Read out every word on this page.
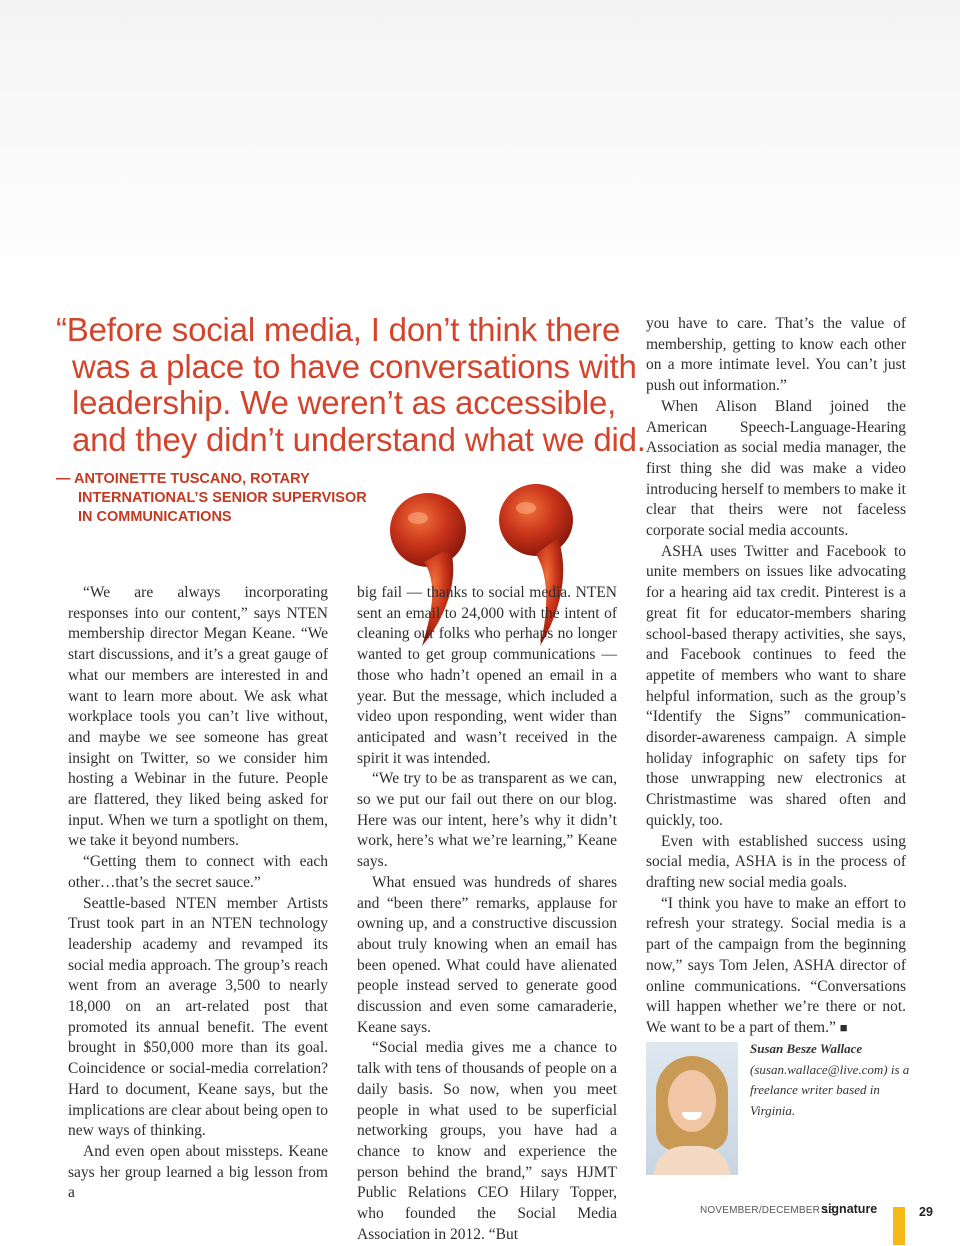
“Before social media, I don’t think there
was a place to have conversations with
leadership. We weren’t as accessible,
and they didn’t understand what we did.
— ANTOINETTE TUSCANO, ROTARY
INTERNATIONAL’S SENIOR SUPERVISOR
IN COMMUNICATIONS

“We are always incorporating responses into our content,” says NTEN membership director Megan Keane. “We start discussions, and it’s a great gauge of what our members are interested in and want to learn more about. We ask what workplace tools you can’t live without, and maybe we see someone has great insight on Twitter, so we consider him hosting a Webinar in the future. People are flattered, they liked being asked for input. When we turn a spotlight on them, we take it beyond numbers.

“Getting them to connect with each other…that’s the secret sauce.”

Seattle-based NTEN member Artists Trust took part in an NTEN technology leadership academy and revamped its social media approach. The group’s reach went from an average 3,500 to nearly 18,000 on an art-related post that promoted its annual benefit. The event brought in $50,000 more than its goal. Coincidence or social-media correlation? Hard to document, Keane says, but the implications are clear about being open to new ways of thinking.

And even open about missteps. Keane says her group learned a big lesson from a

big fail — thanks to social media. NTEN sent an email to 24,000 with the intent of cleaning our folks who perhaps no longer wanted to get group communications — those who hadn’t opened an email in a year. But the message, which included a video upon responding, went wider than anticipated and wasn’t received in the spirit it was intended.

“We try to be as transparent as we can, so we put our fail out there on our blog. Here was our intent, here’s why it didn’t work, here’s what we’re learning,” Keane says.

What ensued was hundreds of shares and “been there” remarks, applause for owning up, and a constructive discussion about truly knowing when an email has been opened. What could have alienated people instead served to generate good discussion and even some camaraderie, Keane says.

“Social media gives me a chance to talk with tens of thousands of people on a daily basis. So now, when you meet people in what used to be superficial networking groups, you have had a chance to know and experience the person behind the brand,” says HJMT Public Relations CEO Hilary Topper, who founded the Social Media Association in 2012. “But

you have to care. That’s the value of membership, getting to know each other on a more intimate level. You can’t just push out information.”

When Alison Bland joined the American Speech-Language-Hearing Association as social media manager, the first thing she did was make a video introducing herself to members to make it clear that theirs were not faceless corporate social media accounts.

ASHA uses Twitter and Facebook to unite members on issues like advocating for a hearing aid tax credit. Pinterest is a great fit for educator-members sharing school-based therapy activities, she says, and Facebook continues to feed the appetite of members who want to share helpful information, such as the group’s “Identify the Signs” communication-disorder-awareness campaign. A simple holiday infographic on safety tips for those unwrapping new electronics at Christmastime was shared often and quickly, too.

Even with established success using social media, ASHA is in the process of drafting new social media goals.

“I think you have to make an effort to refresh your strategy. Social media is a part of the campaign from the beginning now,” says Tom Jelen, ASHA director of online communications. “Conversations will happen whether we’re there or not. We want to be a part of them.” ■

Susan Besze Wallace
(susan.wallace@live.com) is a freelance writer based in Virginia.
NOVEMBER/DECEMBER 13
signature	29
